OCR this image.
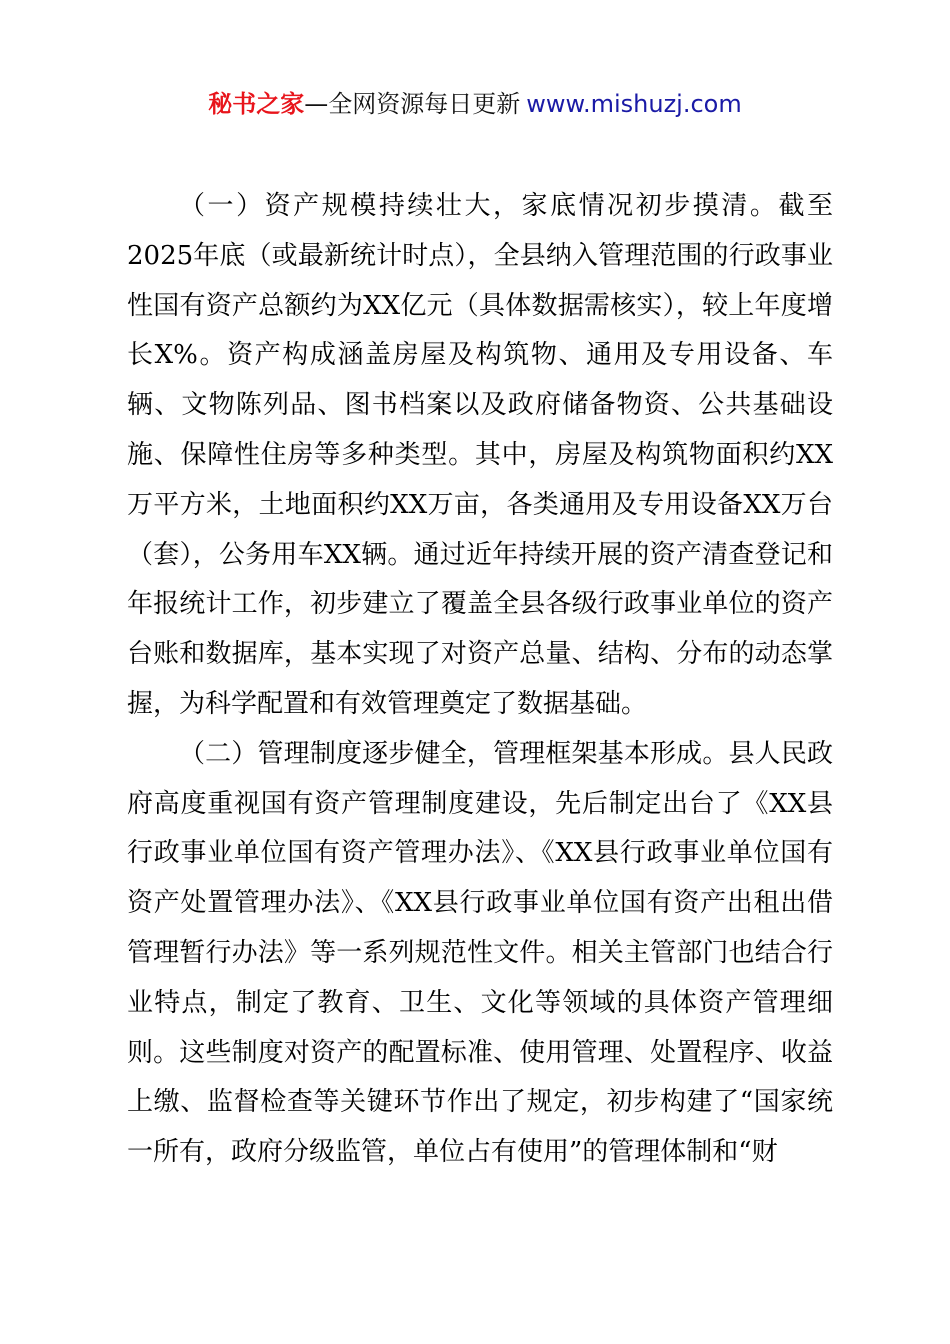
秘书之家—全网资源每日更新 www.mishuzj.com

（一）资产规模持续壮大，家底情况初步摸清。截至2025年底（或最新统计时点），全县纳入管理范围的行政事业性国有资产总额约为XX亿元（具体数据需核实），较上年度增长X%。资产构成涵盖房屋及构筑物、通用及专用设备、车辆、文物陈列品、图书档案以及政府储备物资、公共基础设施、保障性住房等多种类型。其中，房屋及构筑物面积约XX万平方米，土地面积约XX万亩，各类通用及专用设备XX万台（套），公务用车XX辆。通过近年持续开展的资产清查登记和年报统计工作，初步建立了覆盖全县各级行政事业单位的资产台账和数据库，基本实现了对资产总量、结构、分布的动态掌握，为科学配置和有效管理奠定了数据基础。

（二）管理制度逐步健全，管理框架基本形成。县人民政府高度重视国有资产管理制度建设，先后制定出台了《XX县行政事业单位国有资产管理办法》、《XX县行政事业单位国有资产处置管理办法》、《XX县行政事业单位国有资产出租出借管理暂行办法》等一系列规范性文件。相关主管部门也结合行业特点，制定了教育、卫生、文化等领域的具体资产管理细则。这些制度对资产的配置标准、使用管理、处置程序、收益上缴、监督检查等关键环节作出了规定，初步构建了“国家统一所有，政府分级监管，单位占有使用”的管理体制和“财
